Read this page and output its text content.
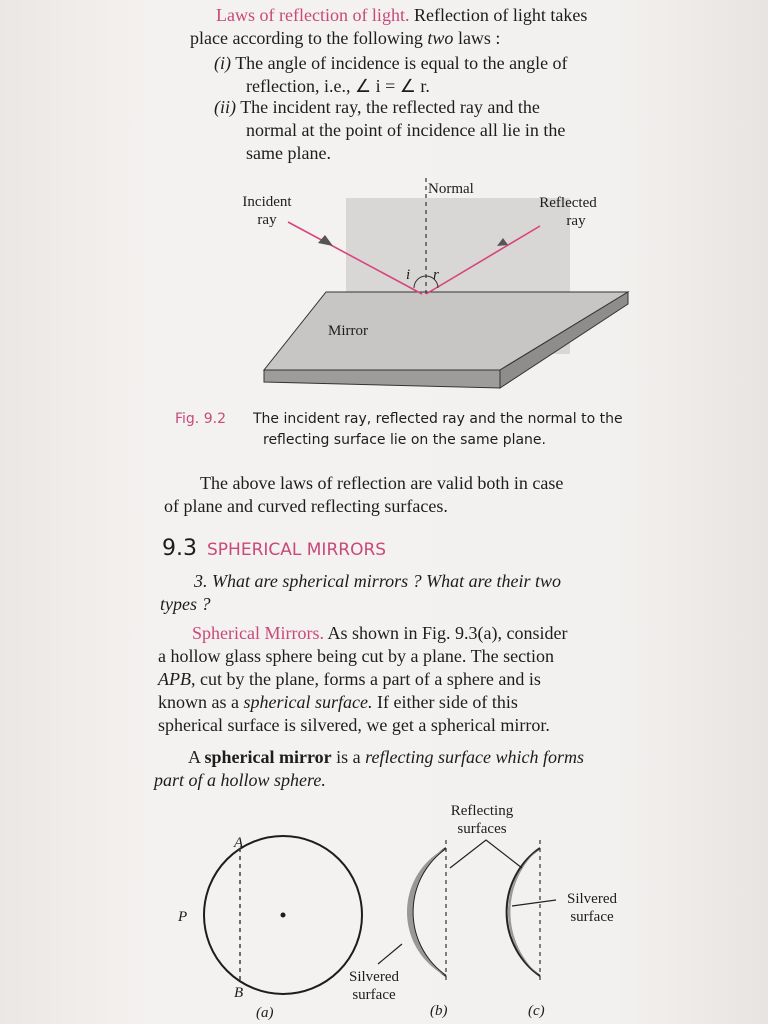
Laws of reflection of light. Reflection of light takes
place according to the following two laws :
(i) The angle of incidence is equal to the angle of
reflection, i.e., ∠ i = ∠ r.
(ii) The incident ray, the reflected ray and the
normal at the point of incidence all lie in the
same plane.
Normal
Incident
ray
Reflected
ray
i r
Mirror
Fig. 9.2 The incident ray, reflected ray and the normal to the
reflecting surface lie on the same plane.
The above laws of reflection are valid both in case
of plane and curved reflecting surfaces.
9.3 SPHERICAL MIRRORS
3. What are spherical mirrors ? What are their two
types ?
Spherical Mirrors. As shown in Fig. 9.3(a), consider
a hollow glass sphere being cut by a plane. The section
APB, cut by the plane, forms a part of a sphere and is
known as a spherical surface. If either side of this
spherical surface is silvered, we get a spherical mirror.
A spherical mirror is a reflecting surface which forms
part of a hollow sphere.
Reflecting
surfaces
A
P
B
Silvered
surface
Silvered
surface
(a)	(b)	(c)
